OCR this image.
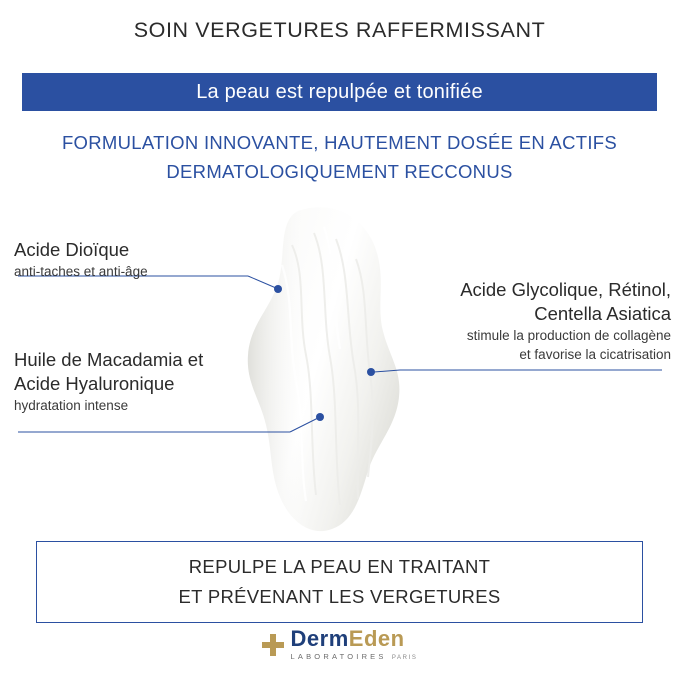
SOIN VERGETURES RAFFERMISSANT
La peau est repulpée et tonifiée
FORMULATION INNOVANTE, HAUTEMENT DOSÉE EN ACTIFS
DERMATOLOGIQUEMENT RECCONUS
Acide Dioïque
anti-taches et anti-âge
Huile de Macadamia et
Acide Hyaluronique
hydratation intense
Acide Glycolique, Rétinol,
Centella Asiatica
stimule la production de collagène
et favorise la cicatrisation
REPULPE LA PEAU EN TRAITANT
ET PRÉVENANT LES VERGETURES
DermEden
LABORATOIRES PARIS
